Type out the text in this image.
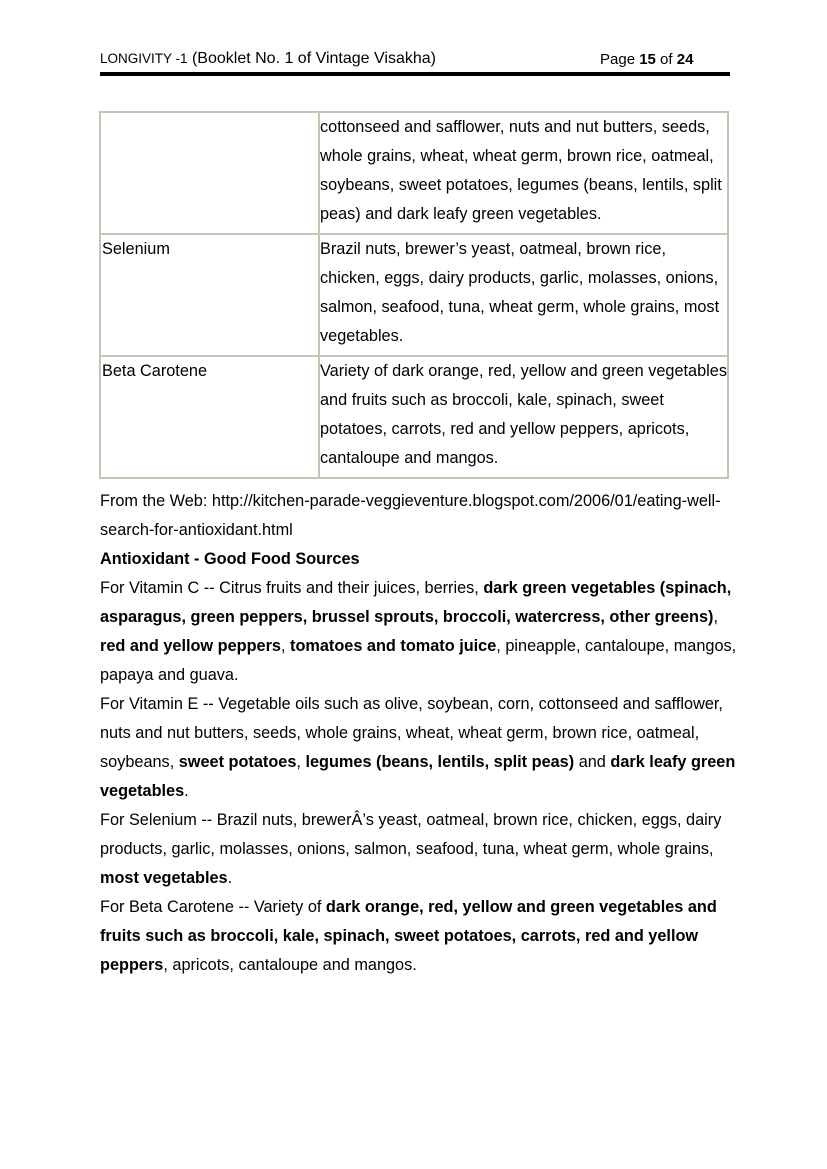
LONGIVITY -1 (Booklet No. 1 of Vintage Visakha)	Page 15 of 24
	cottonseed and safflower, nuts and nut butters, seeds, whole grains, wheat, wheat germ, brown rice, oatmeal, soybeans, sweet potatoes, legumes (beans, lentils, split peas) and dark leafy green vegetables.
Selenium	Brazil nuts, brewer’s yeast, oatmeal, brown rice, chicken, eggs, dairy products, garlic, molasses, onions, salmon, seafood, tuna, wheat germ, whole grains, most vegetables.
Beta Carotene	Variety of dark orange, red, yellow and green vegetables and fruits such as broccoli, kale, spinach, sweet potatoes, carrots, red and yellow peppers, apricots, cantaloupe and mangos.

From the Web: http://kitchen-parade-veggieventure.blogspot.com/2006/01/eating-well-search-for-antioxidant.html

Antioxidant - Good Food Sources

For Vitamin C -- Citrus fruits and their juices, berries, dark green vegetables (spinach, asparagus, green peppers, brussel sprouts, broccoli, watercress, other greens), red and yellow peppers, tomatoes and tomato juice, pineapple, cantaloupe, mangos, papaya and guava.

For Vitamin E -- Vegetable oils such as olive, soybean, corn, cottonseed and safflower, nuts and nut butters, seeds, whole grains, wheat, wheat germ, brown rice, oatmeal, soybeans, sweet potatoes, legumes (beans, lentils, split peas) and dark leafy green vegetables.

For Selenium -- Brazil nuts, brewerÂ’s yeast, oatmeal, brown rice, chicken, eggs, dairy products, garlic, molasses, onions, salmon, seafood, tuna, wheat germ, whole grains, most vegetables.

For Beta Carotene -- Variety of dark orange, red, yellow and green vegetables and fruits such as broccoli, kale, spinach, sweet potatoes, carrots, red and yellow peppers, apricots, cantaloupe and mangos.
